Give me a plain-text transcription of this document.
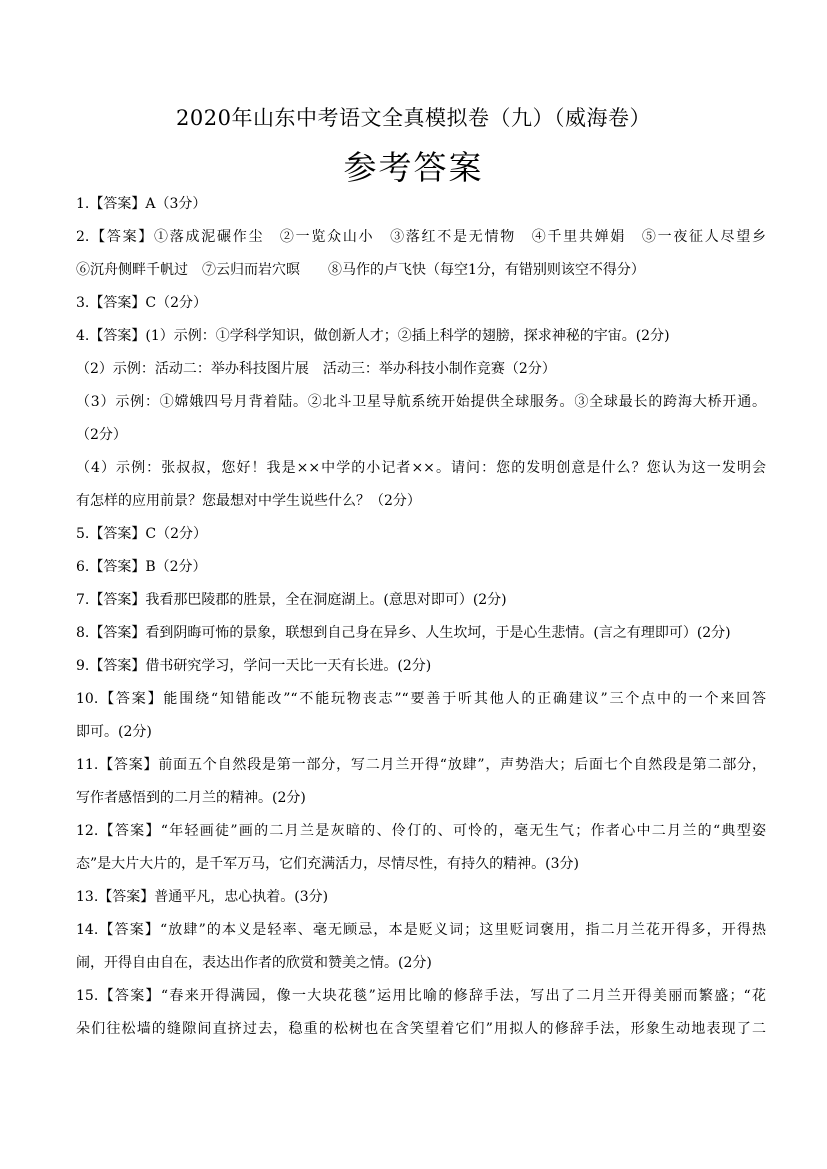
2020年山东中考语文全真模拟卷（九）（威海卷）
参考答案
1.【答案】A（3分）
2.【答案】①落成泥碾作尘　②一览众山小　③落红不是无情物　④千里共婵娟　⑤一夜征人尽望乡
⑥沉舟侧畔千帆过　⑦云归而岩穴暝　　⑧马作的卢飞快（每空1分，有错别则该空不得分）
3.【答案】C（2分）
4.【答案】(1）示例：①学科学知识，做创新人才；②插上科学的翅膀，探求神秘的宇宙。(2分)
（2）示例：活动二：举办科技图片展　活动三：举办科技小制作竞赛（2分）
（3）示例：①嫦娥四号月背着陆。②北斗卫星导航系统开始提供全球服务。③全球最长的跨海大桥开通。
（2分）
（4）示例：张叔叔，您好！我是××中学的小记者××。请问：您的发明创意是什么？您认为这一发明会
有怎样的应用前景？您最想对中学生说些什么？（2分）
5.【答案】C（2分）
6.【答案】B（2分）
7.【答案】我看那巴陵郡的胜景，全在洞庭湖上。(意思对即可）(2分)
8.【答案】看到阴晦可怖的景象，联想到自己身在异乡、人生坎坷，于是心生悲情。(言之有理即可）(2分)
9.【答案】借书研究学习，学问一天比一天有长进。(2分)
10.【答案】能围绕“知错能改”“不能玩物丧志”“要善于听其他人的正确建议”三个点中的一个来回答
即可。(2分)
11.【答案】前面五个自然段是第一部分，写二月兰开得“放肆”，声势浩大；后面七个自然段是第二部分，
写作者感悟到的二月兰的精神。(2分)
12.【答案】“年轻画徒”画的二月兰是灰暗的、伶仃的、可怜的，毫无生气；作者心中二月兰的“典型姿
态”是大片大片的，是千军万马，它们充满活力，尽情尽性，有持久的精神。(3分)
13.【答案】普通平凡，忠心执着。(3分)
14.【答案】“放肆”的本义是轻率、毫无顾忌，本是贬义词；这里贬词褒用，指二月兰花开得多，开得热
闹，开得自由自在，表达出作者的欣赏和赞美之情。(2分)
15.【答案】“春来开得满园，像一大块花毯”运用比喻的修辞手法，写出了二月兰开得美丽而繁盛；“花
朵们往松墙的缝隙间直挤过去，稳重的松树也在含笑望着它们”用拟人的修辞手法，形象生动地表现了二
